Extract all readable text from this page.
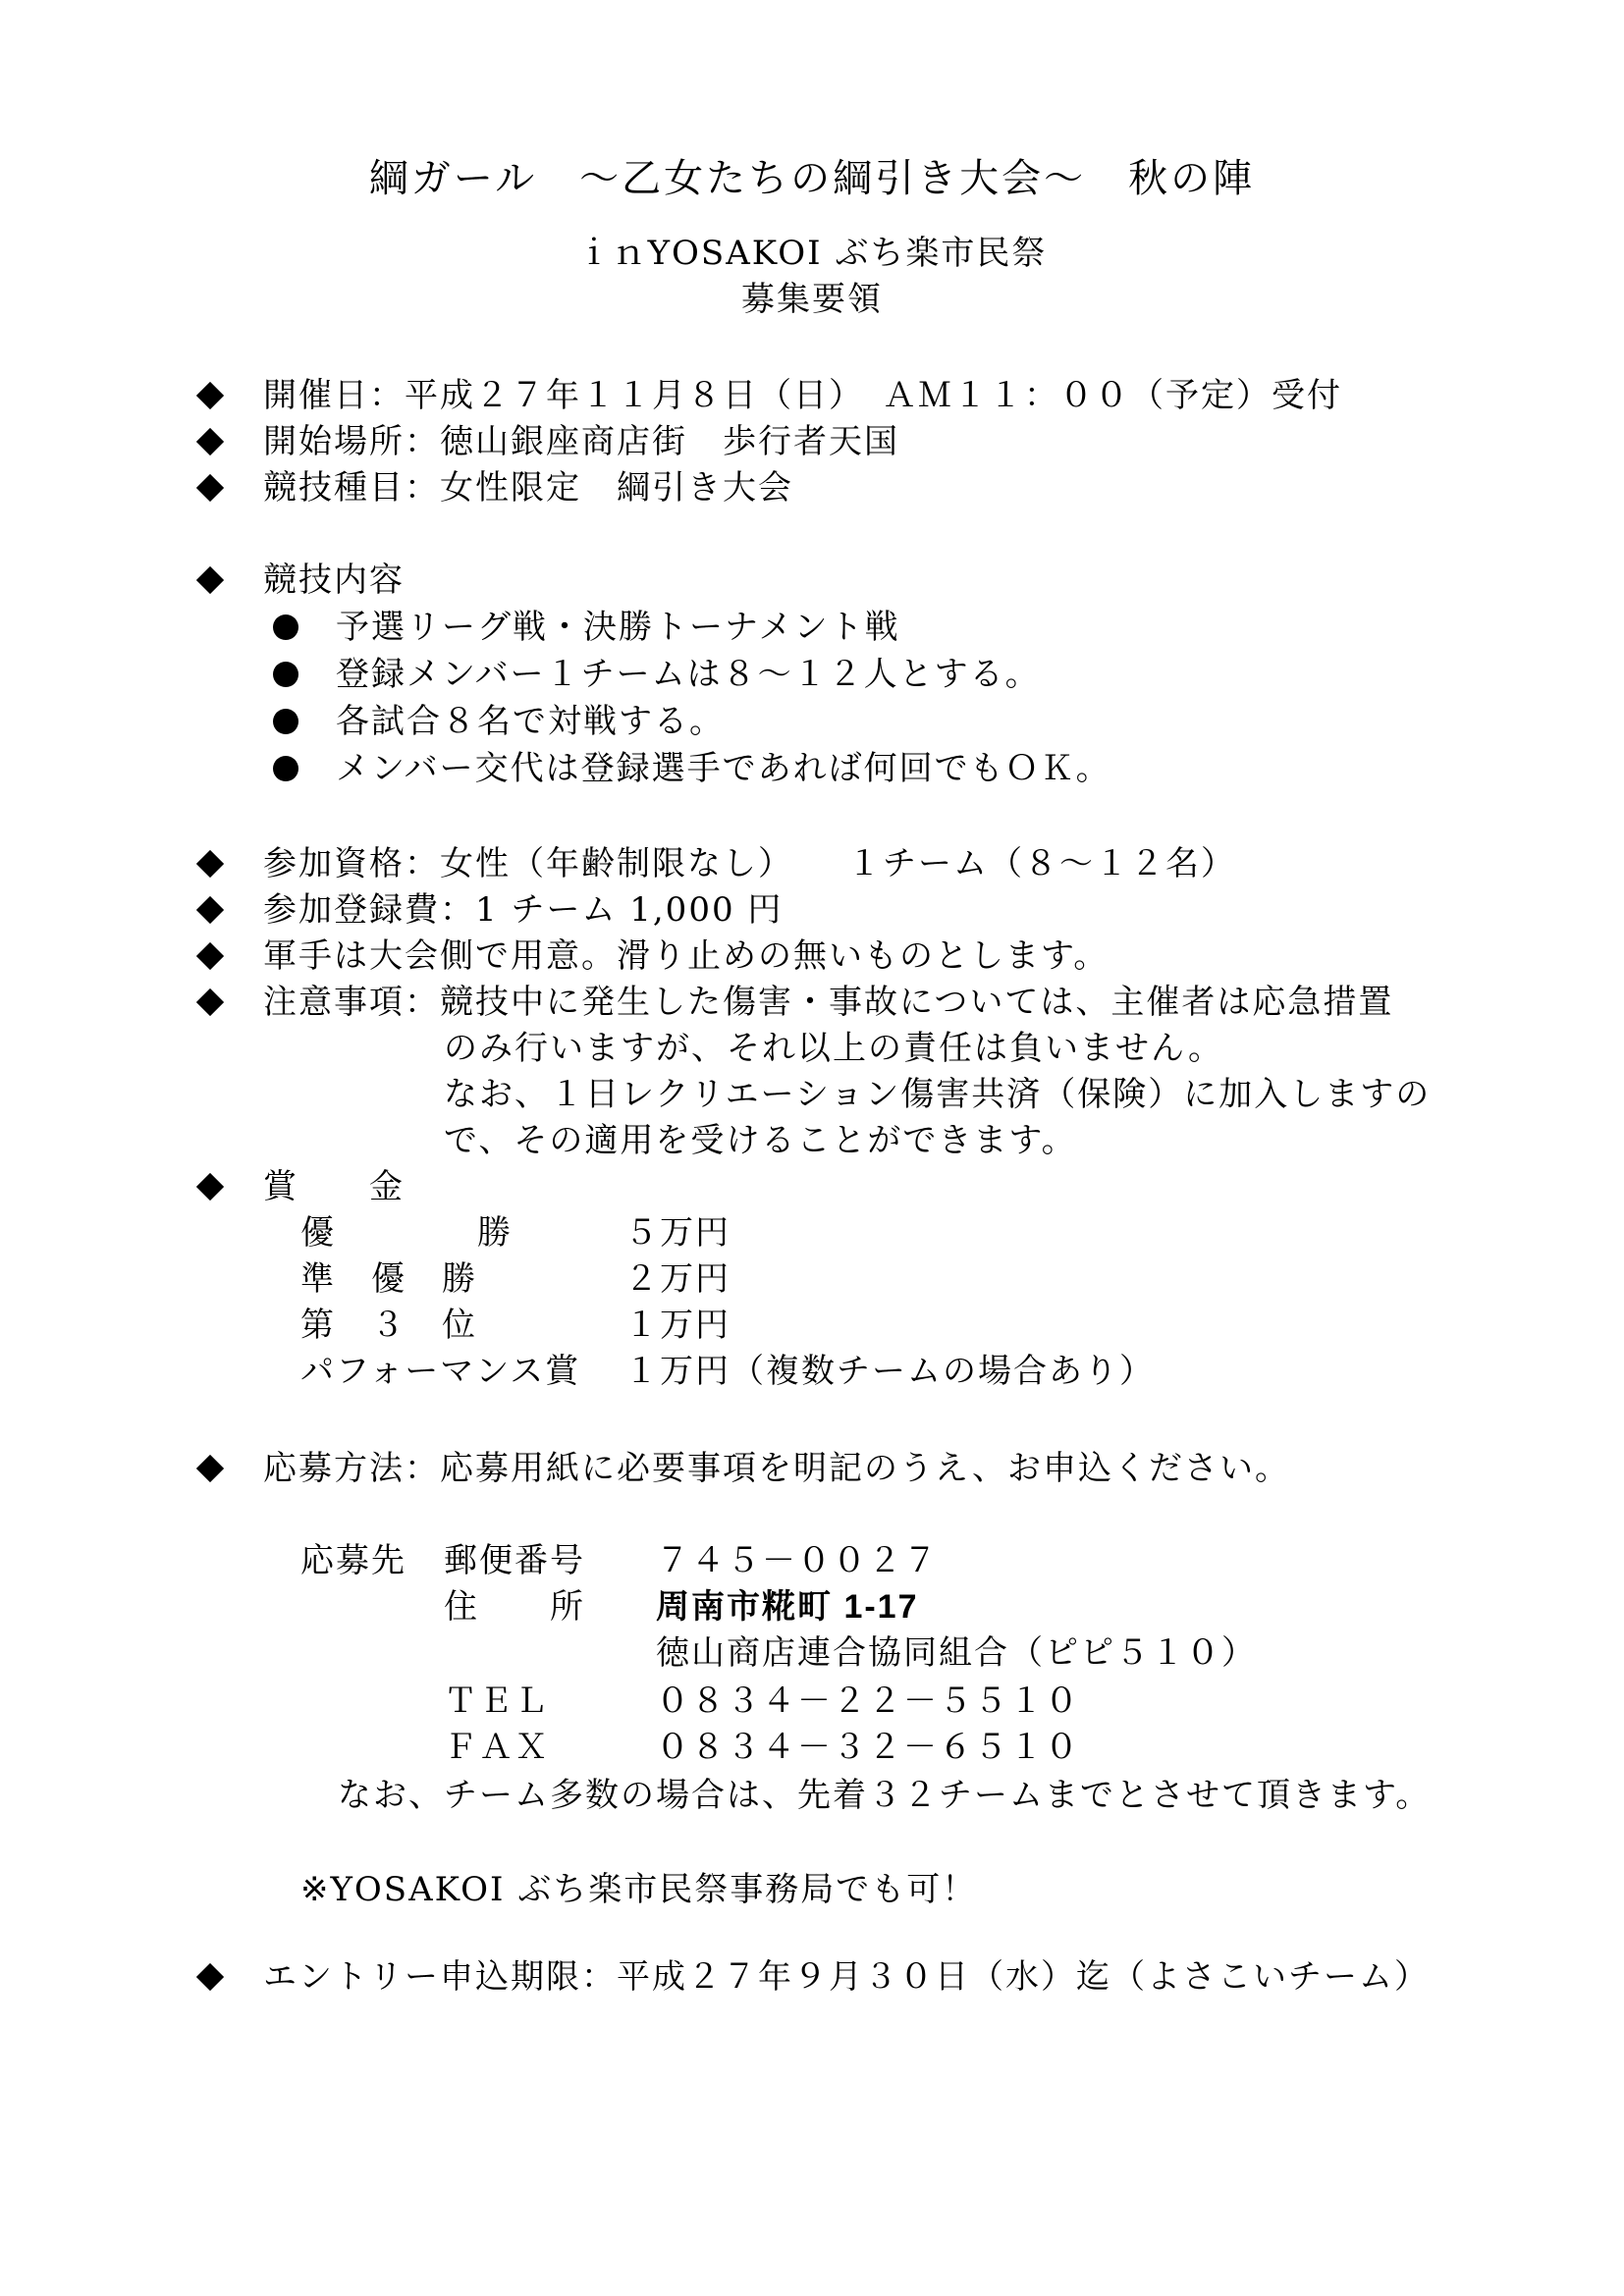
綱ガール　～乙女たちの綱引き大会～　秋の陣
ｉｎYOSAKOI ぶち楽市民祭
募集要領
開催日：平成２７年１１月８日（日）　ＡＭ１１：００（予定）受付
開始場所：徳山銀座商店街　歩行者天国
競技種目：女性限定　綱引き大会
競技内容
予選リーグ戦・決勝トーナメント戦
登録メンバー１チームは８～１２人とする。
各試合８名で対戦する。
メンバー交代は登録選手であれば何回でもＯＫ。
参加資格：女性（年齢制限なし）　　１チーム（８～１２名）
参加登録費：1 チーム 1,000 円
軍手は大会側で用意。滑り止めの無いものとします。
注意事項：競技中に発生した傷害・事故については、主催者は応急措置
のみ行いますが、それ以上の責任は負いません。
なお、１日レクリエーション傷害共済（保険）に加入しますの
で、その適用を受けることができます。
賞　　金
優　　　　勝	５万円
準　優　勝	２万円
第　３　位	１万円
パフォーマンス賞 １万円（複数チームの場合あり）
応募方法：応募用紙に必要事項を明記のうえ、お申込ください。
応募先 郵便番号 ７４５－００２７
住　　所 周南市糀町 1-17
徳山商店連合協同組合（ピピ５１０）
ＴＥＬ	０８３４－２２－５５１０
ＦＡＸ	０８３４－３２－６５１０
なお、チーム多数の場合は、先着３２チームまでとさせて頂きます。
※YOSAKOI ぶち楽市民祭事務局でも可！
エントリー申込期限：平成２７年９月３０日（水）迄（よさこいチーム）
